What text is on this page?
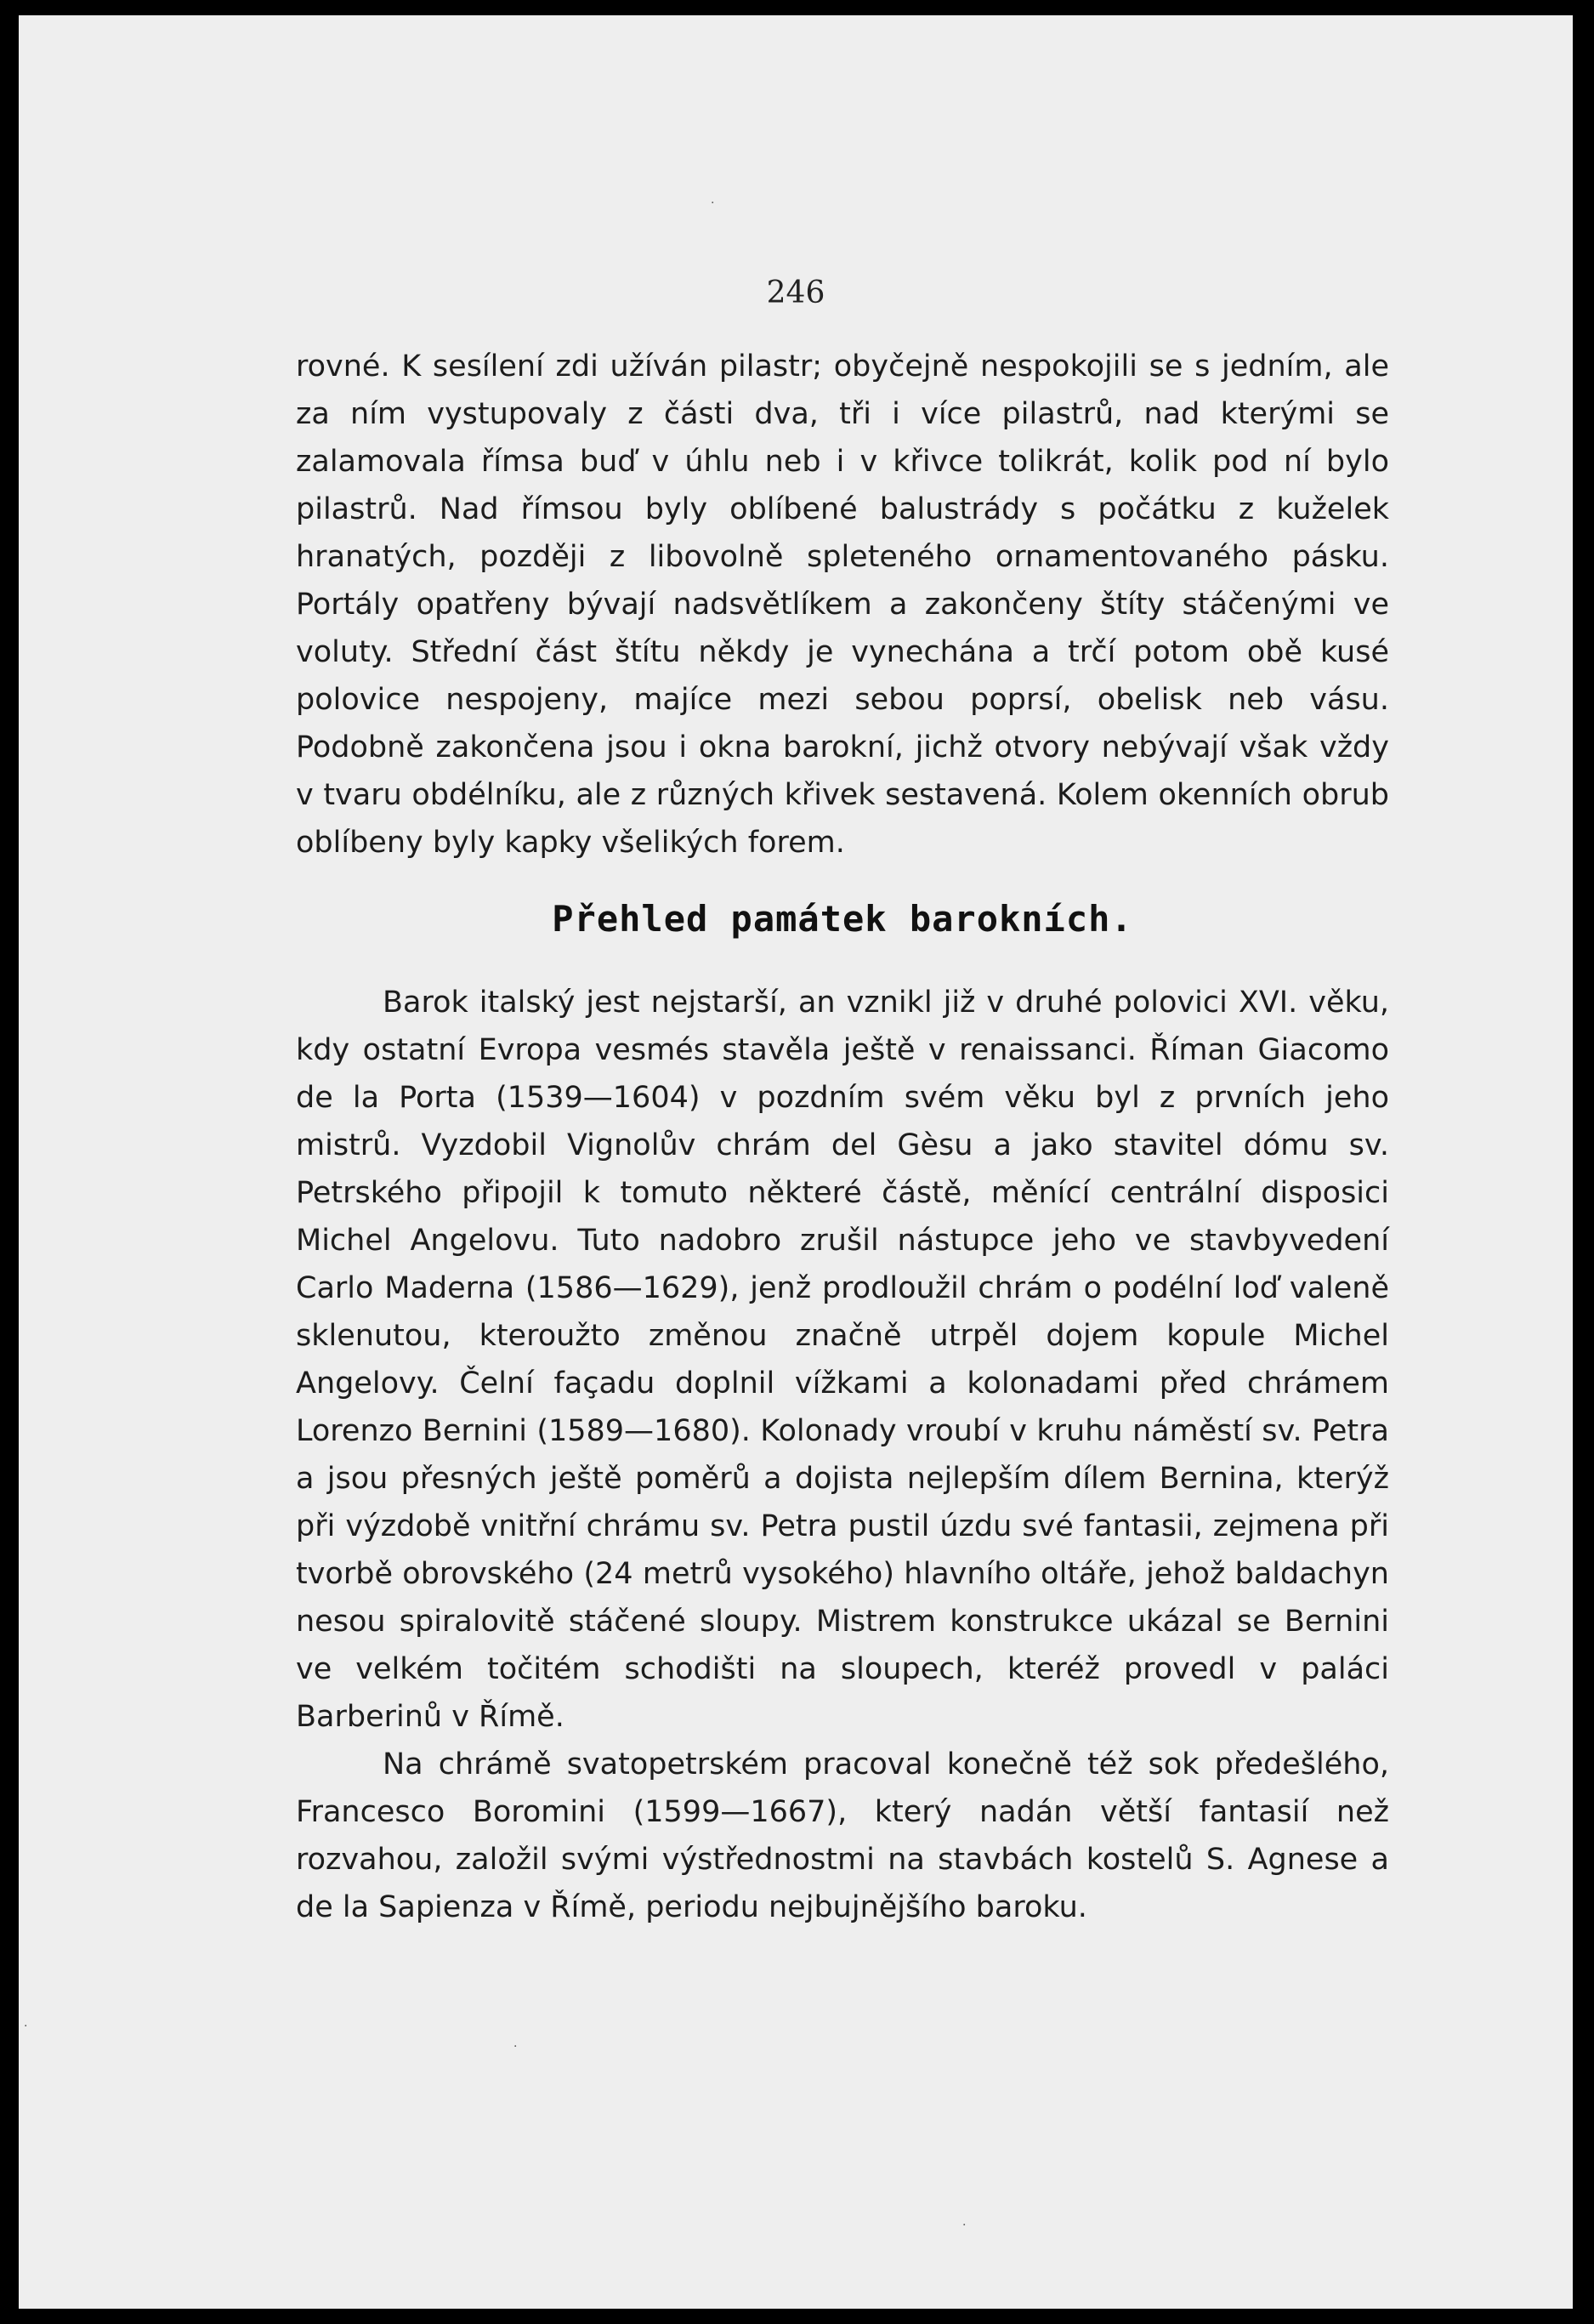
246

rovné. K sesílení zdi užíván pilastr; obyčejně nespokojili se s jedním, ale za ním vystupovaly z části dva, tři i více pilastrů, nad kterými se zalamovala římsa buď v úhlu neb i v křivce tolikrát, kolik pod ní bylo pilastrů. Nad římsou byly oblíbené balustrády s počátku z kuželek hranatých, později z libovolně spleteného ornamentovaného pásku. Portály opatřeny bývají nadsvětlíkem a zakončeny štíty stáčenými ve voluty. Střední část štítu někdy je vynechána a trčí potom obě kusé polovice nespojeny, majíce mezi sebou poprsí, obelisk neb vásu. Podobně zakončena jsou i okna barokní, jichž otvory nebývají však vždy v tvaru obdélníku, ale z různých křivek sestavená. Kolem okenních obrub oblíbeny byly kapky všelikých forem.

Přehled památek barokních.

Barok italský jest nejstarší, an vznikl již v druhé polovici XVI. věku, kdy ostatní Evropa vesmés stavěla ještě v renaissanci. Říman Giacomo de la Porta (1539—1604) v pozdním svém věku byl z prvních jeho mistrů. Vyzdobil Vignolův chrám del Gèsu a jako stavitel dómu sv. Petrského připojil k tomuto některé částě, měnící centrální disposici Michel Angelovu. Tuto nadobro zrušil nástupce jeho ve stavbyvedení Carlo Maderna (1586—1629), jenž prodloužil chrám o podélní loď valeně sklenutou, kteroužto změnou značně utrpěl dojem kopule Michel Angelovy. Čelní façadu doplnil vížkami a kolonadami před chrámem Lorenzo Bernini (1589—1680). Kolonady vroubí v kruhu náměstí sv. Petra a jsou přesných ještě poměrů a dojista nejlepším dílem Bernina, kterýž při výzdobě vnitřní chrámu sv. Petra pustil úzdu své fantasii, zejmena při tvorbě obrovského (24 metrů vysokého) hlavního oltáře, jehož baldachyn nesou spiralovitě stáčené sloupy. Mistrem konstrukce ukázal se Bernini ve velkém točitém schodišti na sloupech, kteréž provedl v paláci Barberinů v Římě.

Na chrámě svatopetrském pracoval konečně též sok předešlého, Francesco Boromini (1599—1667), který nadán větší fantasií než rozvahou, založil svými výstřednostmi na stavbách kostelů S. Agnese a de la Sapienza v Římě, periodu nejbujnějšího baroku.

·
·
·
·
